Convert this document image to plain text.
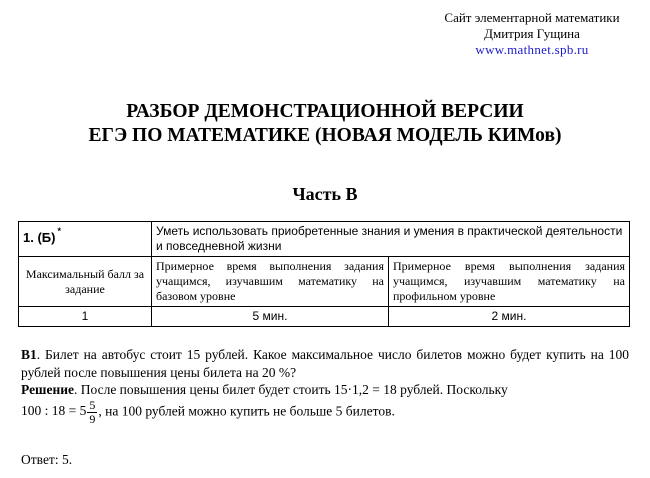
Сайт элементарной математики
Дмитрия Гущина
www.mathnet.spb.ru
РАЗБОР ДЕМОНСТРАЦИОННОЙ ВЕРСИИ
ЕГЭ ПО МАТЕМАТИКЕ (НОВАЯ МОДЕЛЬ КИМов)
Часть В
1. (Б) *	Уметь использовать приобретенные знания и умения в практической деятельности и повседневной жизни	
Максимальный балл за задание	Примерное время выполнения задания учащимся, изучавшим математику на базовом уровне	Примерное время выполнения задания учащимся, изучавшим математику на профильном уровне
1	5 мин.	2 мин.

В1. Билет на автобус стоит 15 рублей. Какое максимальное число билетов можно будет купить на 100 рублей после повышения цены билета на 20 %?

Решение. После повышения цены билет будет стоить 15·1,2 = 18 рублей. Поскольку
100 : $18 = 5 \frac{5}{9}$ , на 100 рублей можно купить не больше 5 билетов.

Ответ: 5.
